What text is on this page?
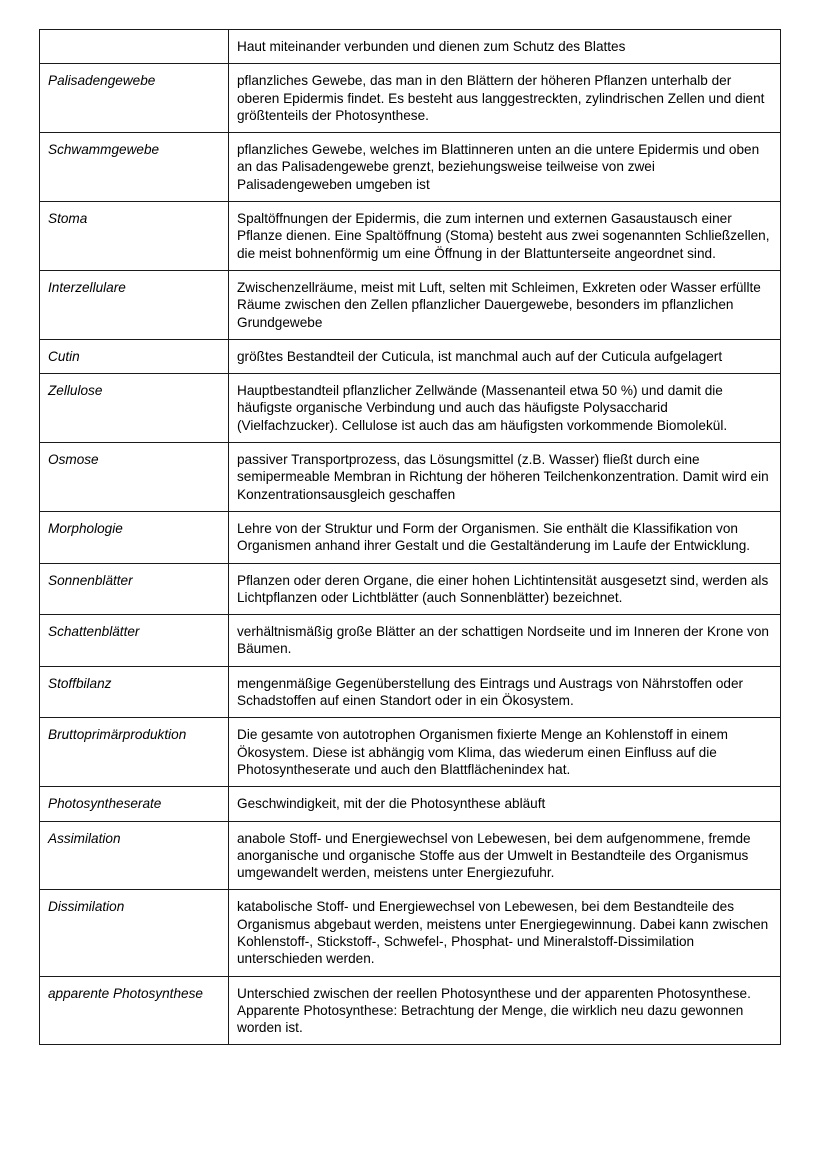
	Haut miteinander verbunden und dienen zum Schutz des Blattes
Palisadengewebe	pflanzliches Gewebe, das man in den Blättern der höheren Pflanzen unterhalb der oberen Epidermis findet. Es besteht aus langgestreckten, zylindrischen Zellen und dient größtenteils der Photosynthese.
Schwammgewebe	pflanzliches Gewebe, welches im Blattinneren unten an die untere Epidermis und oben an das Palisadengewebe grenzt, beziehungsweise teilweise von zwei Palisadengeweben umgeben ist
Stoma	Spaltöffnungen der Epidermis, die zum internen und externen Gasaustausch einer Pflanze dienen. Eine Spaltöffnung (Stoma) besteht aus zwei sogenannten Schließzellen, die meist bohnenförmig um eine Öffnung in der Blattunterseite angeordnet sind.
Interzellulare	Zwischenzellräume, meist mit Luft, selten mit Schleimen, Exkreten oder Wasser erfüllte Räume zwischen den Zellen pflanzlicher Dauergewebe, besonders im pflanzlichen Grundgewebe
Cutin	größtes Bestandteil der Cuticula, ist manchmal auch auf der Cuticula aufgelagert
Zellulose	Hauptbestandteil pflanzlicher Zellwände (Massenanteil etwa 50 %) und damit die häufigste organische Verbindung und auch das häufigste Polysaccharid (Vielfachzucker). Cellulose ist auch das am häufigsten vorkommende Biomolekül.
Osmose	passiver Transportprozess, das Lösungsmittel (z.B. Wasser) fließt durch eine semipermeable Membran in Richtung der höheren Teilchenkonzentration. Damit wird ein Konzentrationsausgleich geschaffen
Morphologie	Lehre von der Struktur und Form der Organismen. Sie enthält die Klassifikation von Organismen anhand ihrer Gestalt und die Gestaltänderung im Laufe der Entwicklung.
Sonnenblätter	Pflanzen oder deren Organe, die einer hohen Lichtintensität ausgesetzt sind, werden als Lichtpflanzen oder Lichtblätter (auch Sonnenblätter) bezeichnet.
Schattenblätter	verhältnismäßig große Blätter an der schattigen Nordseite und im Inneren der Krone von Bäumen.
Stoffbilanz	mengenmäßige Gegenüberstellung des Eintrags und Austrags von Nährstoffen oder Schadstoffen auf einen Standort oder in ein Ökosystem.
Bruttoprimärproduktion	Die gesamte von autotrophen Organismen fixierte Menge an Kohlenstoff in einem Ökosystem. Diese ist abhängig vom Klima, das wiederum einen Einfluss auf die Photosyntheserate und auch den Blattflächenindex hat.
Photosyntheserate	Geschwindigkeit, mit der die Photosynthese abläuft
Assimilation	anabole Stoff- und Energiewechsel von Lebewesen, bei dem aufgenommene, fremde anorganische und organische Stoffe aus der Umwelt in Bestandteile des Organismus umgewandelt werden, meistens unter Energiezufuhr.
Dissimilation	katabolische Stoff- und Energiewechsel von Lebewesen, bei dem Bestandteile des Organismus abgebaut werden, meistens unter Energiegewinnung. Dabei kann zwischen Kohlenstoff-, Stickstoff-, Schwefel-, Phosphat- und Mineralstoff-Dissimilation unterschieden werden.
apparente Photosynthese	Unterschied zwischen der reellen Photosynthese und der apparenten Photosynthese.
Apparente Photosynthese: Betrachtung der Menge, die wirklich neu dazu gewonnen worden ist.
